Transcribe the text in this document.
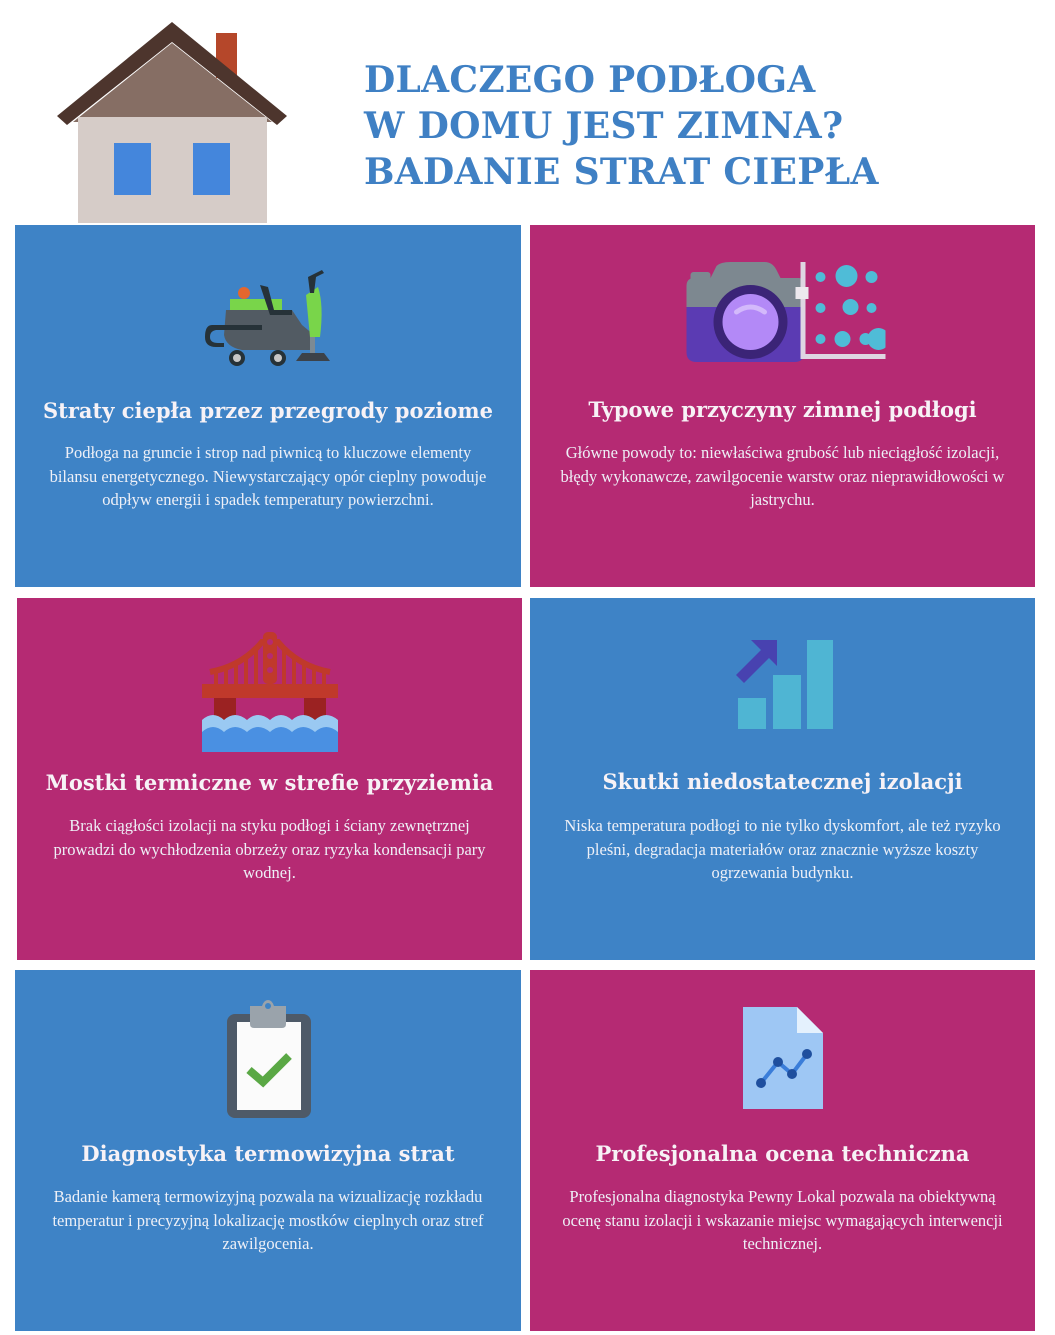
DLACZEGO PODŁOGA
W DOMU JEST ZIMNA?
BADANIE STRAT CIEPŁA
Straty ciepła przez przegrody poziome
Podłoga na gruncie i strop nad piwnicą to kluczowe elementy bilansu energetycznego. Niewystarczający opór cieplny powoduje odpływ energii i spadek temperatury powierzchni.
Typowe przyczyny zimnej podłogi
Główne powody to: niewłaściwa grubość lub nieciągłość izolacji, błędy wykonawcze, zawilgocenie warstw oraz nieprawidłowości w jastrychu.
Mostki termiczne w strefie przyziemia
Brak ciągłości izolacji na styku podłogi i ściany zewnętrznej prowadzi do wychłodzenia obrzeży oraz ryzyka kondensacji pary wodnej.
Skutki niedostatecznej izolacji
Niska temperatura podłogi to nie tylko dyskomfort, ale też ryzyko pleśni, degradacja materiałów oraz znacznie wyższe koszty ogrzewania budynku.
Diagnostyka termowizyjna strat
Badanie kamerą termowizyjną pozwala na wizualizację rozkładu temperatur i precyzyjną lokalizację mostków cieplnych oraz stref zawilgocenia.
Profesjonalna ocena techniczna
Profesjonalna diagnostyka Pewny Lokal pozwala na obiektywną ocenę stanu izolacji i wskazanie miejsc wymagających interwencji technicznej.
